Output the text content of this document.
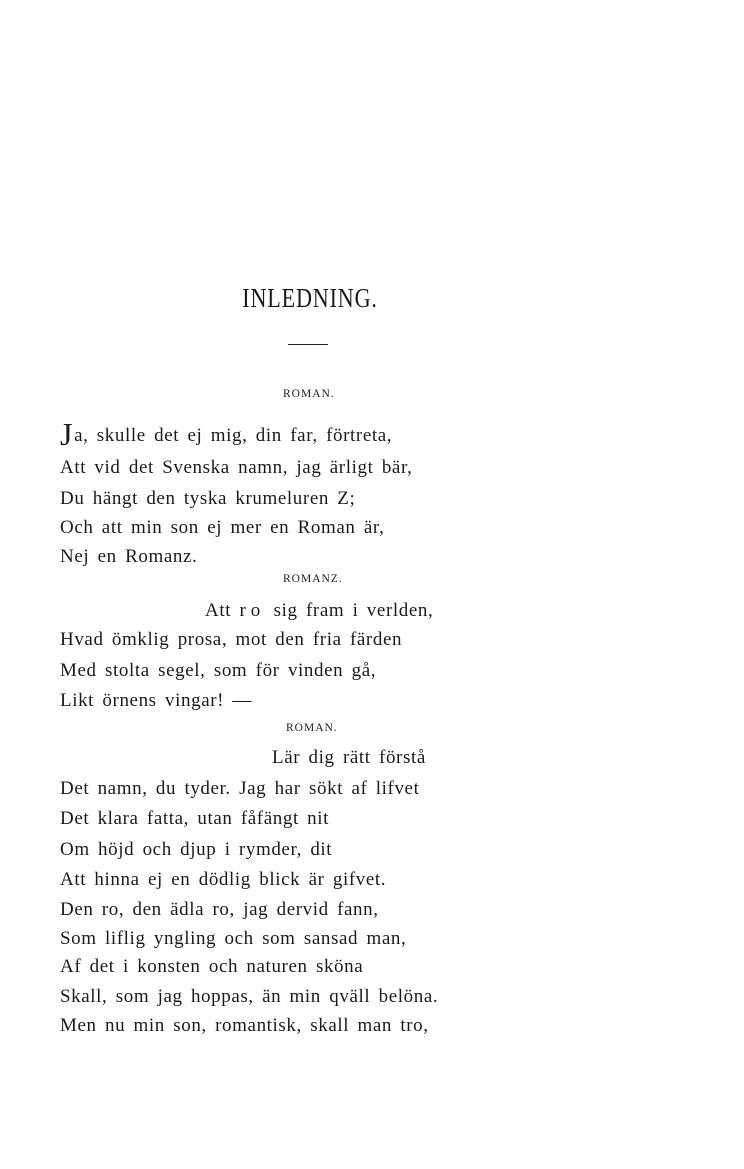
INLEDNING.
ROMAN.
Ja, skulle det ej mig, din far, förtreta,
Att vid det Svenska namn, jag ärligt bär,
Du hängt den tyska krumeluren Z;
Och att min son ej mer en Roman är,
Nej en Romanz.
ROMANZ.
Att ro sig fram i verlden,
Hvad ömklig prosa, mot den fria färden
Med stolta segel, som för vinden gå,
Likt örnens vingar! —
ROMAN.
Lär dig rätt förstå
Det namn, du tyder. Jag har sökt af lifvet
Det klara fatta, utan fåfängt nit
Om höjd och djup i rymder, dit
Att hinna ej en dödlig blick är gifvet.
Den ro, den ädla ro, jag dervid fann,
Som liflig yngling och som sansad man,
Af det i konsten och naturen sköna
Skall, som jag hoppas, än min qväll belöna.
Men nu min son, romantisk, skall man tro,
